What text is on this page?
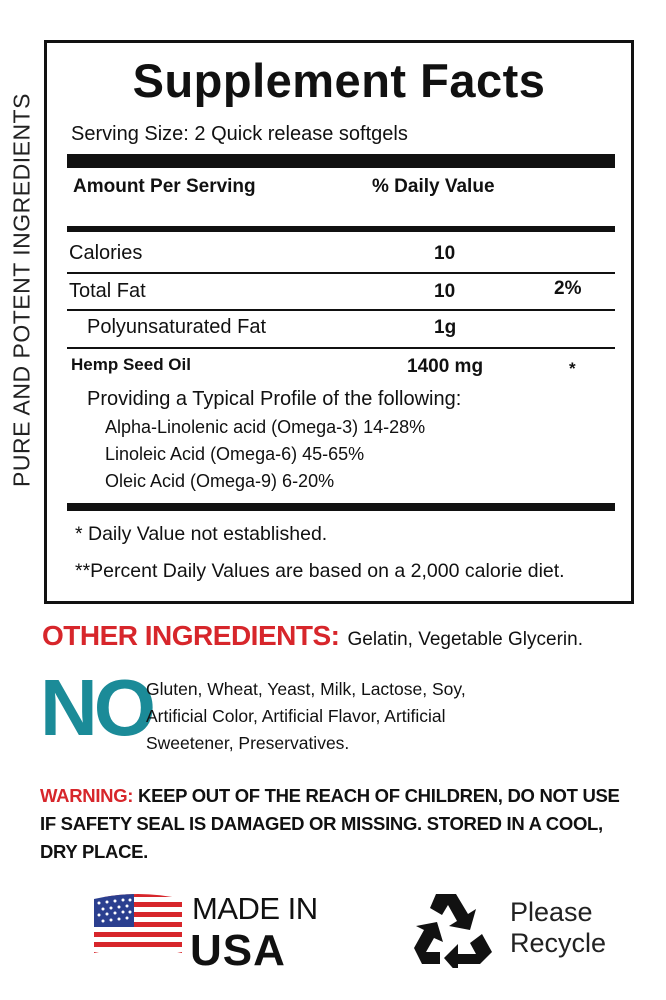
PURE AND POTENT INGREDIENTS
Supplement Facts
Serving Size: 2 Quick release softgels
Amount Per Serving	% Daily Value
Calories	10
Total Fat	10	2%
Polyunsaturated Fat	1g
Hemp Seed Oil	1400 mg	*
Providing a Typical Profile of the following:
Alpha-Linolenic acid (Omega-3) 14-28%
Linoleic Acid (Omega-6) 45-65%
Oleic Acid (Omega-9) 6-20%
* Daily Value not established.
**Percent Daily Values are based on a 2,000 calorie diet.
OTHER INGREDIENTS: Gelatin, Vegetable Glycerin.
NO
Gluten, Wheat, Yeast, Milk, Lactose, Soy,
Artificial Color, Artificial Flavor, Artificial
Sweetener, Preservatives.
WARNING: KEEP OUT OF THE REACH OF CHILDREN, DO NOT USE IF SAFETY SEAL IS DAMAGED OR MISSING. STORED IN A COOL, DRY PLACE.
MADE IN
USA
Please
Recycle
